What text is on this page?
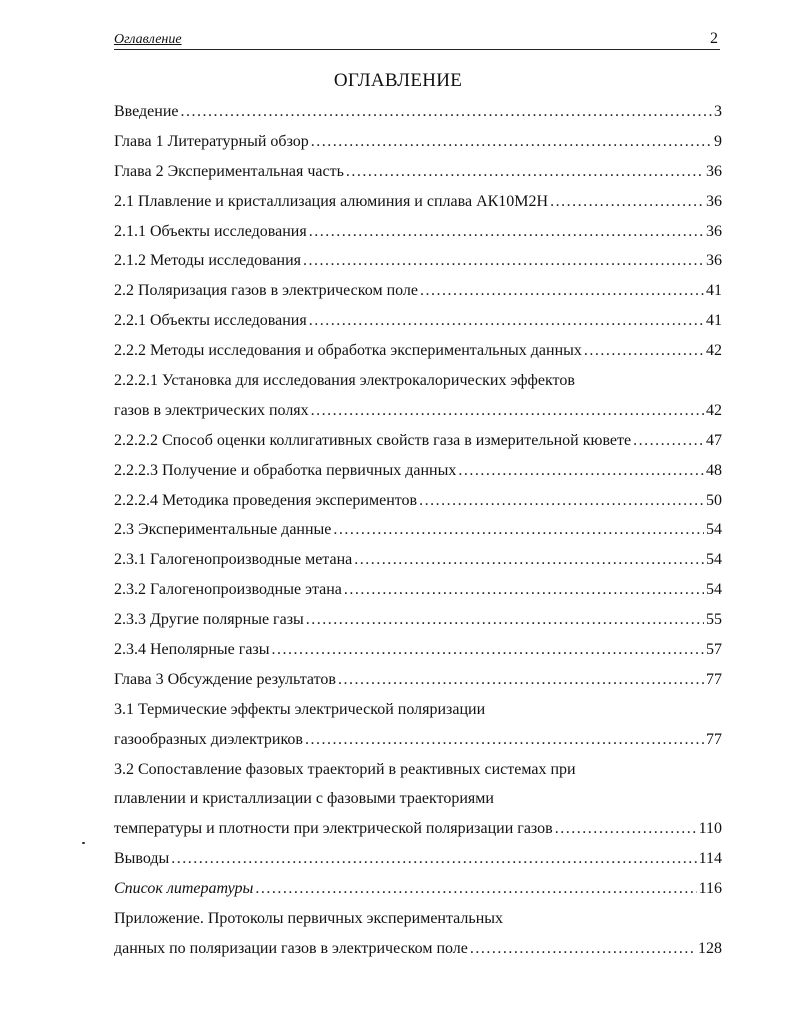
Оглавление	2
ОГЛАВЛЕНИЕ
Введение .....	3
Глава 1 Литературный обзор .....	9
Глава 2 Экспериментальная часть .....	36
2.1 Плавление и кристаллизация алюминия и сплава АК10М2Н .....	36
2.1.1 Объекты исследования .....	36
2.1.2 Методы исследования .....	36
2.2 Поляризация газов в электрическом поле .....	41
2.2.1 Объекты исследования .....	41
2.2.2 Методы исследования и обработка экспериментальных данных .....	42
2.2.2.1 Установка для исследования электрокалорических эффектов
газов в электрических полях .....	42
2.2.2.2 Способ оценки коллигативных свойств газа в измерительной кювете .....	47
2.2.2.3 Получение и обработка первичных данных .....	48
2.2.2.4 Методика проведения экспериментов .....	50
2.3 Экспериментальные данные .....	54
2.3.1 Галогенопроизводные метана .....	54
2.3.2 Галогенопроизводные этана .....	54
2.3.3 Другие полярные газы .....	55
2.3.4 Неполярные газы .....	57
Глава 3 Обсуждение результатов .....	77
3.1 Термические эффекты электрической поляризации
газообразных диэлектриков .....	77
3.2 Сопоставление фазовых траекторий в реактивных системах при
плавлении и кристаллизации с фазовыми траекториями
температуры и плотности при электрической поляризации газов .....	110
Выводы .....	114
Список литературы .....	116
Приложение. Протоколы первичных экспериментальных
данных по поляризации газов в электрическом поле .....	128
